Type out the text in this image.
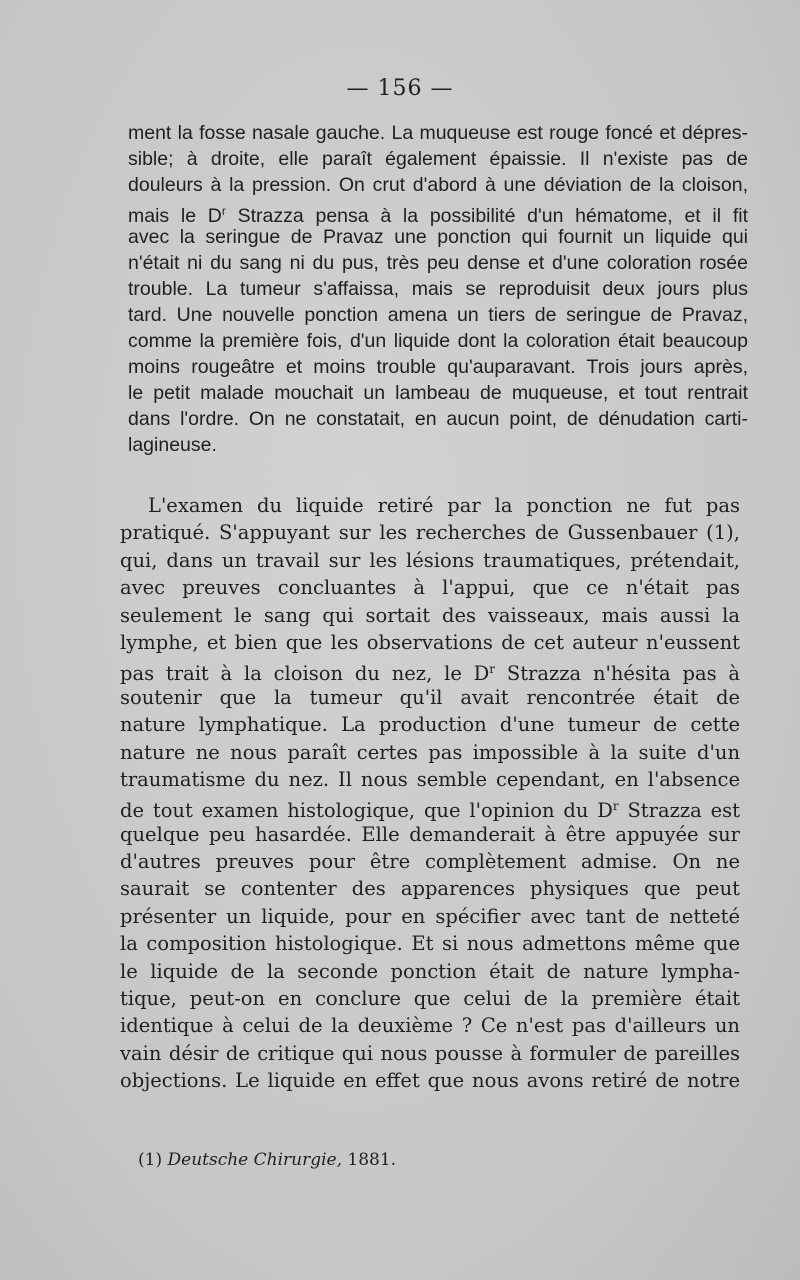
— 156 —
ment la fosse nasale gauche. La muqueuse est rouge foncé et dépres-
sible; à droite, elle paraît également épaissie. Il n'existe pas de
douleurs à la pression. On crut d'abord à une déviation de la cloison,
mais le $D^r$ Strazza pensa à la possibilité d'un hématome, et il fit
avec la seringue de Pravaz une ponction qui fournit un liquide qui
n'était ni du sang ni du pus, très peu dense et d'une coloration rosée
trouble. La tumeur s'affaissa, mais se reproduisit deux jours plus
tard. Une nouvelle ponction amena un tiers de seringue de Pravaz,
comme la première fois, d'un liquide dont la coloration était beaucoup
moins rougeâtre et moins trouble qu'auparavant. Trois jours après,
le petit malade mouchait un lambeau de muqueuse, et tout rentrait
dans l'ordre. On ne constatait, en aucun point, de dénudation carti-
lagineuse.
L'examen du liquide retiré par la ponction ne fut pas
pratiqué. S'appuyant sur les recherches de Gussenbauer (1),
qui, dans un travail sur les lésions traumatiques, prétendait,
avec preuves concluantes à l'appui, que ce n'était pas
seulement le sang qui sortait des vaisseaux, mais aussi la
lymphe, et bien que les observations de cet auteur n'eussent
pas trait à la cloison du nez, le $D^r$ Strazza n'hésita pas à
soutenir que la tumeur qu'il avait rencontrée était de
nature lymphatique. La production d'une tumeur de cette
nature ne nous paraît certes pas impossible à la suite d'un
traumatisme du nez. Il nous semble cependant, en l'absence
de tout examen histologique, que l'opinion du $D^r$ Strazza est
quelque peu hasardée. Elle demanderait à être appuyée sur
d'autres preuves pour être complètement admise. On ne
saurait se contenter des apparences physiques que peut
présenter un liquide, pour en spécifier avec tant de netteté
la composition histologique. Et si nous admettons même que
le liquide de la seconde ponction était de nature lympha-
tique, peut-on en conclure que celui de la première était
identique à celui de la deuxième ? Ce n'est pas d'ailleurs un
vain désir de critique qui nous pousse à formuler de pareilles
objections. Le liquide en effet que nous avons retiré de notre
(1) Deutsche Chirurgie, 1881.
